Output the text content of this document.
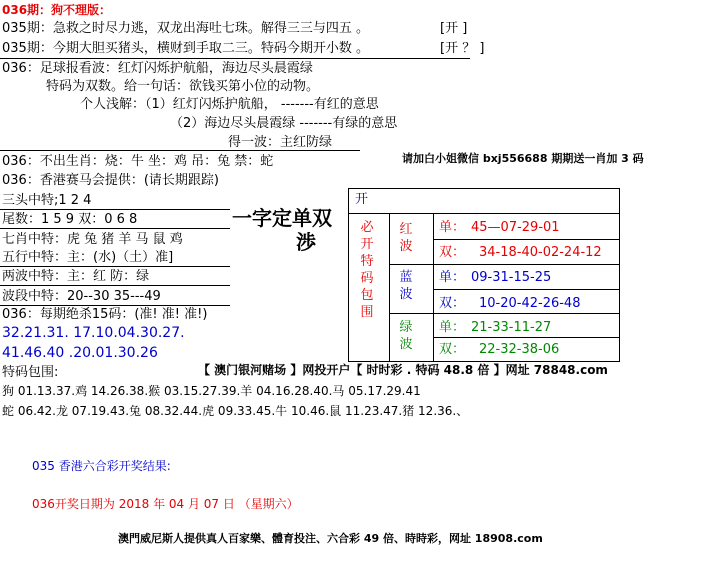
036期：狗不理版：
035期：急救之时尽力逃，双龙出海吐七珠。解得三三与四五 。	[开 ]
035期：今期大胆买猪头，横财到手取二三。特码今期开小数 。	[开 ？ ]
036：足球报看波：红灯闪烁护航船，海边尽头晨霞绿
特码为双数。给一句话：欲钱买第小位的动物。
个人浅解：（1）红灯闪烁护航船， -------有红的意思
（2）海边尽头晨霞绿 -------有绿的意思
得一波：主红防绿
036：不出生肖：烧：牛 坐：鸡 吊：兔 禁：蛇	请加白小姐微信 bxj556688 期期送一肖加 3 码
036：香港赛马会提供：(请长期跟踪)
三头中特;1 2 4
尾数：1 5 9 双：0 6 8
七肖中特：虎 兔 猪 羊 马 鼠 鸡
五行中特：主：(水)（土）准]
两波中特：主：红 防：绿
波段中特：20--30 35---49
036：每期绝杀15码：(准! 准! 准!)
32.21.31. 17.10.04.30.27.
41.46.40 .20.01.30.26
一字定单双
渉
开
必开特码包围
红波
单： 45—07-29-01
双： 34-18-40-02-24-12
蓝波
单： 09-31-15-25
双： 10-20-42-26-48
绿波
单： 21-33-11-27
双： 22-32-38-06
特码包围:	【 澳门银河赌场 】网投开户【 时时彩 . 特码 48.8 倍 】网址 78848.com
狗 01.13.37.鸡 14.26.38.猴 03.15.27.39.羊 04.16.28.40.马 05.17.29.41
蛇 06.42.龙 07.19.43.兔 08.32.44.虎 09.33.45.牛 10.46.鼠 11.23.47.猪 12.36.、
035 香港六合彩开奖结果:
036开奖日期为 2018 年 04 月 07 日 （星期六）
澳門威尼斯人提供真人百家樂、體育投注、六合彩 49 倍、時時彩，网址 18908.com
